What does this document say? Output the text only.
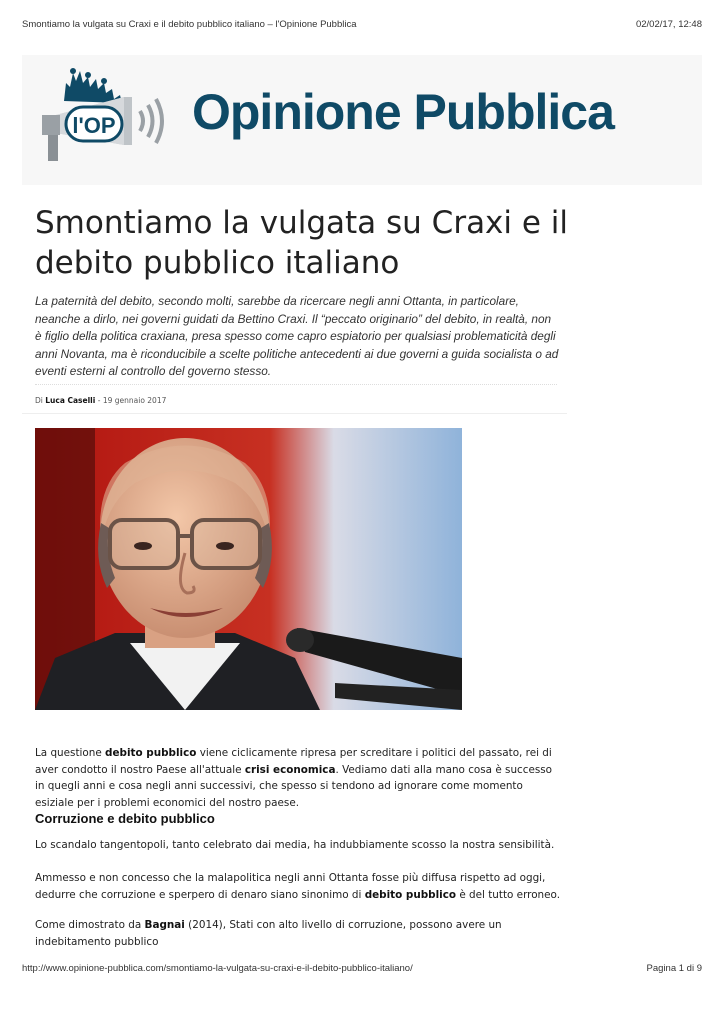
Smontiamo la vulgata su Craxi e il debito pubblico italiano – l'Opinione Pubblica	02/02/17, 12:48
l'OP Opinione Pubblica
Smontiamo la vulgata su Craxi e il debito pubblico italiano
La paternità del debito, secondo molti, sarebbe da ricercare negli anni Ottanta, in particolare, neanche a dirlo, nei governi guidati da Bettino Craxi. Il “peccato originario” del debito, in realtà, non è figlio della politica craxiana, presa spesso come capro espiatorio per qualsiasi problematicità degli anni Novanta, ma è riconducibile a scelte politiche antecedenti ai due governi a guida socialista o ad eventi esterni al controllo del governo stesso.
Di Luca Caselli - 19 gennaio 2017
La questione debito pubblico viene ciclicamente ripresa per screditare i politici del passato, rei di aver condotto il nostro Paese all'attuale crisi economica. Vediamo dati alla mano cosa è successo in quegli anni e cosa negli anni successivi, che spesso si tendono ad ignorare come momento esiziale per i problemi economici del nostro paese.
Corruzione e debito pubblico
Lo scandalo tangentopoli, tanto celebrato dai media, ha indubbiamente scosso la nostra sensibilità.
Ammesso e non concesso che la malapolitica negli anni Ottanta fosse più diffusa rispetto ad oggi, dedurre che corruzione e sperpero di denaro siano sinonimo di debito pubblico è del tutto erroneo.
Come dimostrato da Bagnai (2014), Stati con alto livello di corruzione, possono avere un indebitamento pubblico
http://www.opinione-pubblica.com/smontiamo-la-vulgata-su-craxi-e-il-debito-pubblico-italiano/	Pagina 1 di 9
